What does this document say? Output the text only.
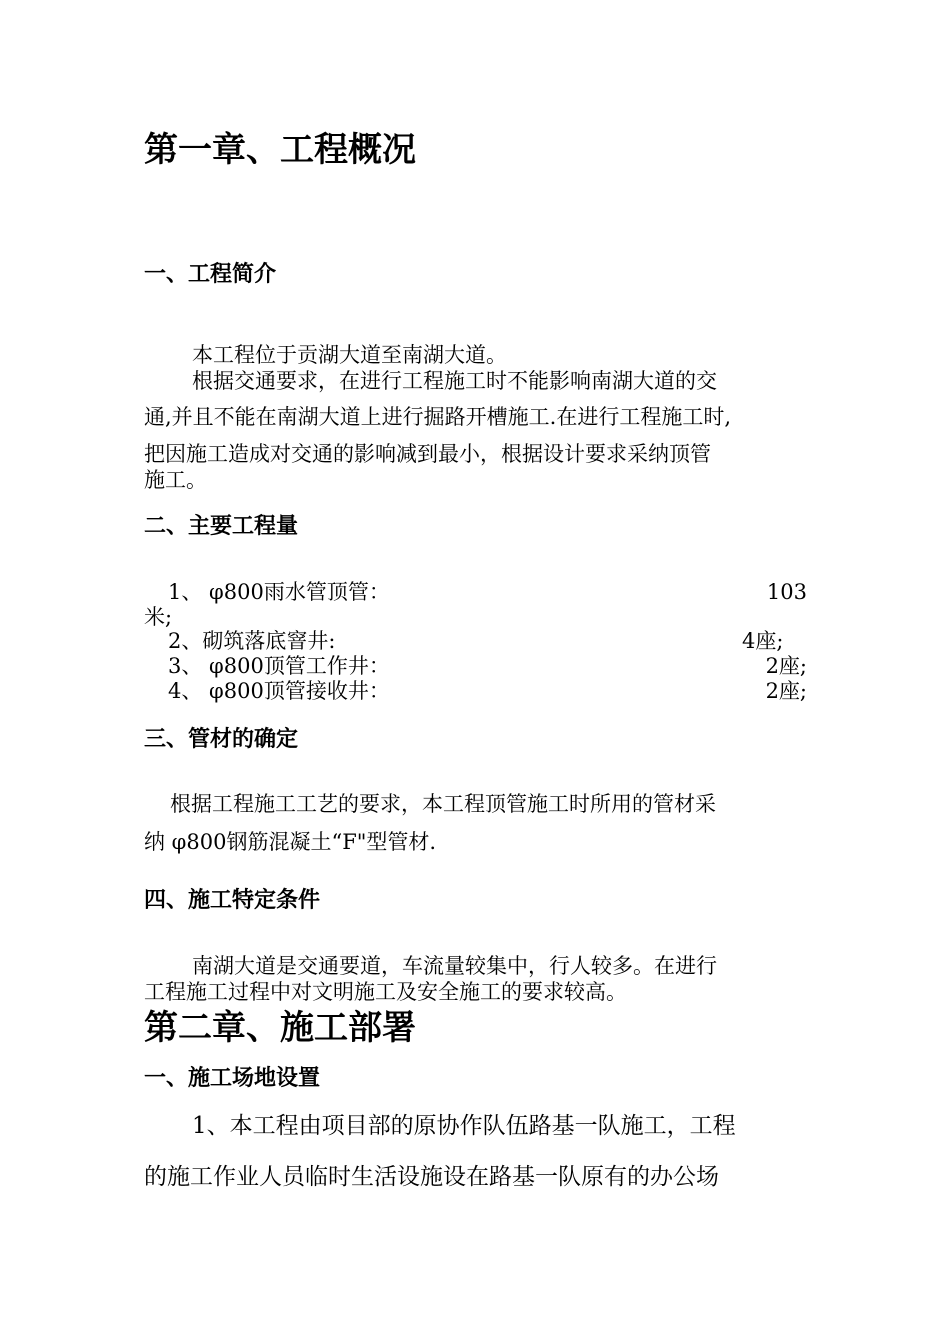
第一章、工程概况
一、工程简介
本工程位于贡湖大道至南湖大道。
根据交通要求，在进行工程施工时不能影响南湖大道的交
通,并且不能在南湖大道上进行掘路开槽施工.在进行工程施工时,
把因施工造成对交通的影响减到最小，根据设计要求采纳顶管
施工。
二、主要工程量
1、 φ800雨水管顶管：	103
米;
2、砌筑落底窨井:	4座;
3、 φ800顶管工作井：	2座;
4、 φ800顶管接收井：	2座;
三、管材的确定
根据工程施工工艺的要求，本工程顶管施工时所用的管材采
纳 φ800钢筋混凝土“F"型管材.
四、施工特定条件
南湖大道是交通要道，车流量较集中，行人较多。在进行
工程施工过程中对文明施工及安全施工的要求较高。
第二章、施工部署
一、施工场地设置
1、本工程由项目部的原协作队伍路基一队施工，工程
的施工作业人员临时生活设施设在路基一队原有的办公场
